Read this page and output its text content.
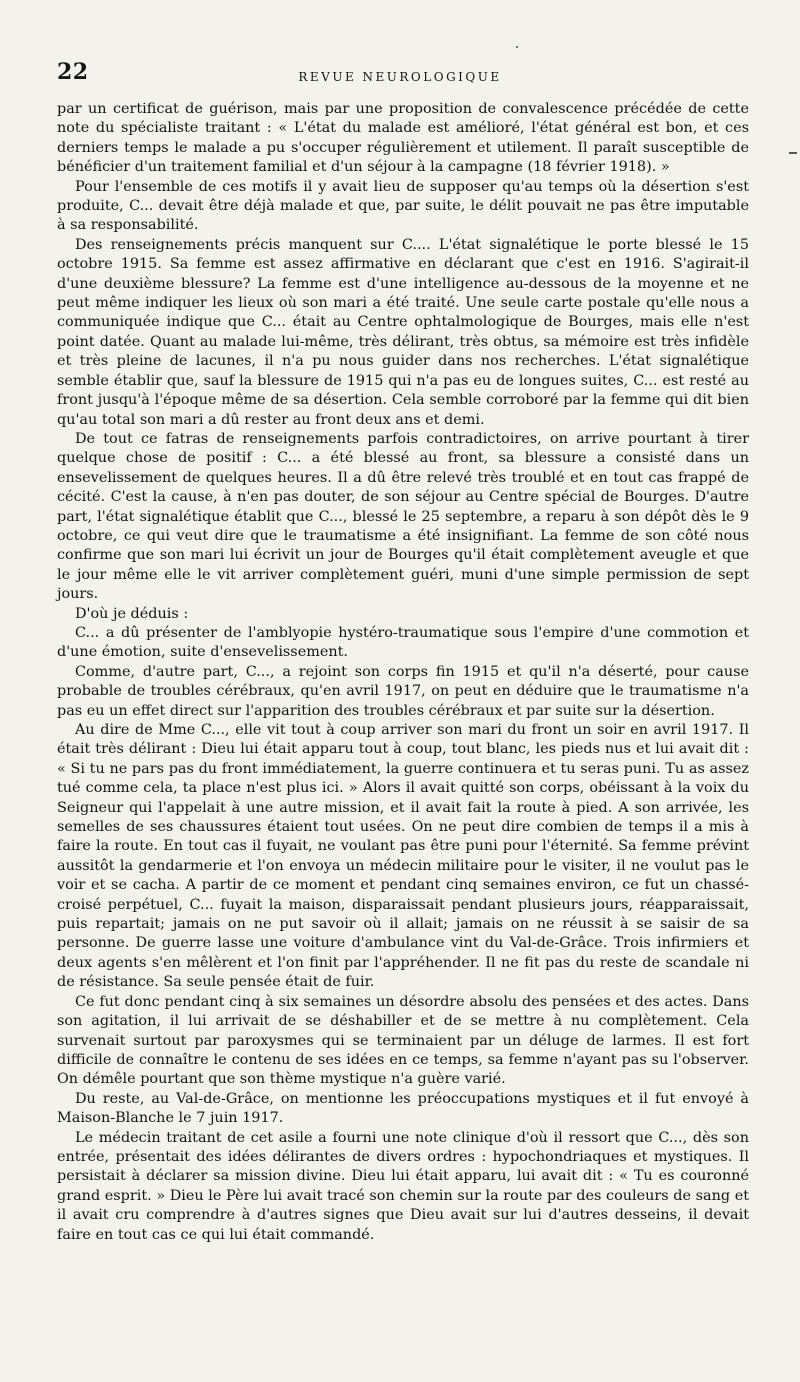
22	REVUE NEUROLOGIQUE

par un certificat de guérison, mais par une proposition de convalescence précédée de cette note du spécialiste traitant : « L'état du malade est amélioré, l'état général est bon, et ces derniers temps le malade a pu s'occuper régulièrement et utilement. Il paraît susceptible de bénéficier d'un traitement familial et d'un séjour à la campagne (18 février 1918). »

Pour l'ensemble de ces motifs il y avait lieu de supposer qu'au temps où la désertion s'est produite, C... devait être déjà malade et que, par suite, le délit pouvait ne pas être imputable à sa responsabilité.

Des renseignements précis manquent sur C.... L'état signalétique le porte blessé le 15 octobre 1915. Sa femme est assez affirmative en déclarant que c'est en 1916. S'agirait-il d'une deuxième blessure? La femme est d'une intelligence au-dessous de la moyenne et ne peut même indiquer les lieux où son mari a été traité. Une seule carte postale qu'elle nous a communiquée indique que C... était au Centre ophtalmologique de Bourges, mais elle n'est point datée. Quant au malade lui-même, très délirant, très obtus, sa mémoire est très infidèle et très pleine de lacunes, il n'a pu nous guider dans nos recherches. L'état signalétique semble établir que, sauf la blessure de 1915 qui n'a pas eu de longues suites, C... est resté au front jusqu'à l'époque même de sa désertion. Cela semble corroboré par la femme qui dit bien qu'au total son mari a dû rester au front deux ans et demi.

De tout ce fatras de renseignements parfois contradictoires, on arrive pourtant à tirer quelque chose de positif : C... a été blessé au front, sa blessure a consisté dans un ensevelissement de quelques heures. Il a dû être relevé très troublé et en tout cas frappé de cécité. C'est la cause, à n'en pas douter, de son séjour au Centre spécial de Bourges. D'autre part, l'état signalétique établit que C..., blessé le 25 septembre, a reparu à son dépôt dès le 9 octobre, ce qui veut dire que le traumatisme a été insignifiant. La femme de son côté nous confirme que son mari lui écrivit un jour de Bourges qu'il était complètement aveugle et que le jour même elle le vit arriver complètement guéri, muni d'une simple permission de sept jours.

D'où je déduis :

C... a dû présenter de l'amblyopie hystéro-traumatique sous l'empire d'une commotion et d'une émotion, suite d'ensevelissement.

Comme, d'autre part, C..., a rejoint son corps fin 1915 et qu'il n'a déserté, pour cause probable de troubles cérébraux, qu'en avril 1917, on peut en déduire que le traumatisme n'a pas eu un effet direct sur l'apparition des troubles cérébraux et par suite sur la désertion.

Au dire de Mme C..., elle vit tout à coup arriver son mari du front un soir en avril 1917. Il était très délirant : Dieu lui était apparu tout à coup, tout blanc, les pieds nus et lui avait dit : « Si tu ne pars pas du front immédiatement, la guerre continuera et tu seras puni. Tu as assez tué comme cela, ta place n'est plus ici. » Alors il avait quitté son corps, obéissant à la voix du Seigneur qui l'appelait à une autre mission, et il avait fait la route à pied. A son arrivée, les semelles de ses chaussures étaient tout usées. On ne peut dire combien de temps il a mis à faire la route. En tout cas il fuyait, ne voulant pas être puni pour l'éternité. Sa femme prévint aussitôt la gendarmerie et l'on envoya un médecin militaire pour le visiter, il ne voulut pas le voir et se cacha. A partir de ce moment et pendant cinq semaines environ, ce fut un chassé-croisé perpétuel, C... fuyait la maison, disparaissait pendant plusieurs jours, réapparaissait, puis repartait; jamais on ne put savoir où il allait; jamais on ne réussit à se saisir de sa personne. De guerre lasse une voiture d'ambulance vint du Val-de-Grâce. Trois infirmiers et deux agents s'en mêlèrent et l'on finit par l'appréhender. Il ne fit pas du reste de scandale ni de résistance. Sa seule pensée était de fuir.

Ce fut donc pendant cinq à six semaines un désordre absolu des pensées et des actes. Dans son agitation, il lui arrivait de se déshabiller et de se mettre à nu complètement. Cela survenait surtout par paroxysmes qui se terminaient par un déluge de larmes. Il est fort difficile de connaître le contenu de ses idées en ce temps, sa femme n'ayant pas su l'observer. On démêle pourtant que son thème mystique n'a guère varié.

Du reste, au Val-de-Grâce, on mentionne les préoccupations mystiques et il fut envoyé à Maison-Blanche le 7 juin 1917.

Le médecin traitant de cet asile a fourni une note clinique d'où il ressort que C..., dès son entrée, présentait des idées délirantes de divers ordres : hypochondriaques et mystiques. Il persistait à déclarer sa mission divine. Dieu lui était apparu, lui avait dit : « Tu es couronné grand esprit. » Dieu le Père lui avait tracé son chemin sur la route par des couleurs de sang et il avait cru comprendre à d'autres signes que Dieu avait sur lui d'autres desseins, il devait faire en tout cas ce qui lui était commandé.
